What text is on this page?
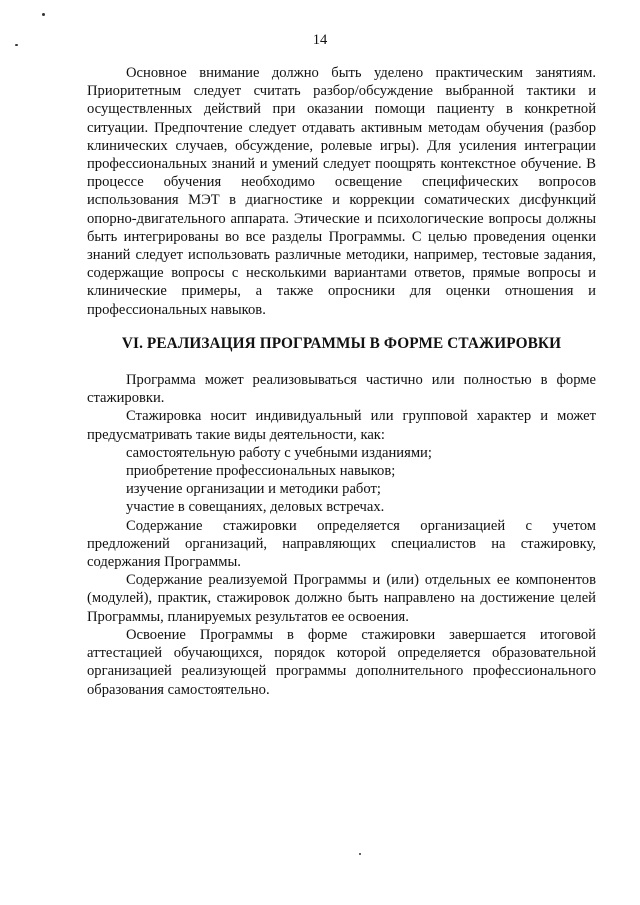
14

Основное внимание должно быть уделено практическим занятиям. Приоритетным следует считать разбор/обсуждение выбранной тактики и осуществленных действий при оказании помощи пациенту в конкретной ситуации. Предпочтение следует отдавать активным методам обучения (разбор клинических случаев, обсуждение, ролевые игры). Для усиления интеграции профессиональных знаний и умений следует поощрять контекстное обучение. В процессе обучения необходимо освещение специфических вопросов использования МЭТ в диагностике и коррекции соматических дисфункций опорно-двигательного аппарата. Этические и психологические вопросы должны быть интегрированы во все разделы Программы. С целью проведения оценки знаний следует использовать различные методики, например, тестовые задания, содержащие вопросы с несколькими вариантами ответов, прямые вопросы и клинические примеры, а также опросники для оценки отношения и профессиональных навыков.

VI. РЕАЛИЗАЦИЯ ПРОГРАММЫ В ФОРМЕ СТАЖИРОВКИ

Программа может реализовываться частично или полностью в форме стажировки.

Стажировка носит индивидуальный или групповой характер и может предусматривать такие виды деятельности, как:

самостоятельную работу с учебными изданиями;

приобретение профессиональных навыков;

изучение организации и методики работ;

участие в совещаниях, деловых встречах.

Содержание стажировки определяется организацией с учетом предложений организаций, направляющих специалистов на стажировку, содержания Программы.

Содержание реализуемой Программы и (или) отдельных ее компонентов (модулей), практик, стажировок должно быть направлено на достижение целей Программы, планируемых результатов ее освоения.

Освоение Программы в форме стажировки завершается итоговой аттестацией обучающихся, порядок которой определяется образовательной организацией реализующей программы дополнительного профессионального образования самостоятельно.
